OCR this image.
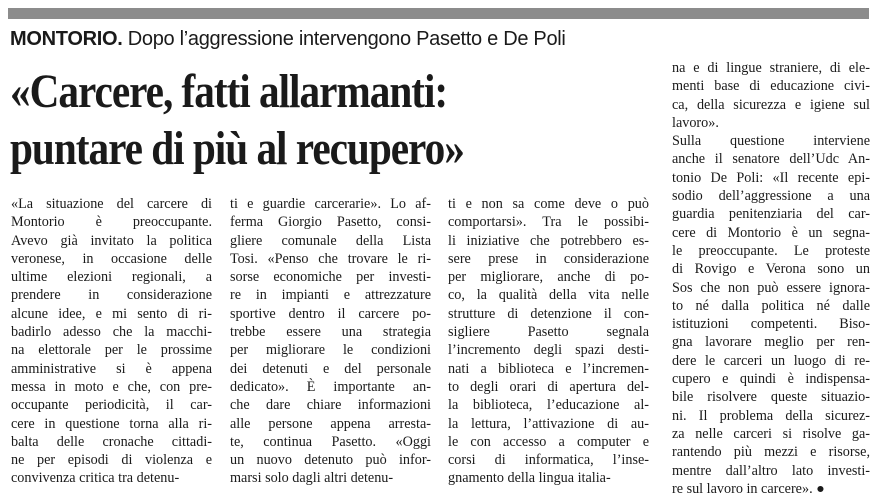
MONTORIO. Dopo l’aggressione intervengono Pasetto e De Poli
«Carcere, fatti allarmanti:
puntare di più al recupero»
«La situazione del carcere di
Montorio è preoccupante.
Avevo già invitato la politica
veronese, in occasione delle
ultime elezioni regionali, a
prendere in considerazione
alcune idee, e mi sento di ri-
badirlo adesso che la macchi-
na elettorale per le prossime
amministrative si è appena
messa in moto e che, con pre-
occupante periodicità, il car-
cere in questione torna alla ri-
balta delle cronache cittadi-
ne per episodi di violenza e
convivenza critica tra detenu-
ti e guardie carcerarie». Lo af-
ferma Giorgio Pasetto, consi-
gliere comunale della Lista
Tosi. «Penso che trovare le ri-
sorse economiche per investi-
re in impianti e attrezzature
sportive dentro il carcere po-
trebbe essere una strategia
per migliorare le condizioni
dei detenuti e del personale
dedicato». È importante an-
che dare chiare informazioni
alle persone appena arresta-
te, continua Pasetto. «Oggi
un nuovo detenuto può infor-
marsi solo dagli altri detenu-
ti e non sa come deve o può
comportarsi». Tra le possibi-
li iniziative che potrebbero es-
sere prese in considerazione
per migliorare, anche di po-
co, la qualità della vita nelle
strutture di detenzione il con-
sigliere Pasetto segnala
l’incremento degli spazi desti-
nati a biblioteca e l’incremen-
to degli orari di apertura del-
la biblioteca, l’educazione al-
la lettura, l’attivazione di au-
le con accesso a computer e
corsi di informatica, l’inse-
gnamento della lingua italia-
na e di lingue straniere, di ele-
menti base di educazione civi-
ca, della sicurezza e igiene sul
lavoro».
Sulla questione interviene
anche il senatore dell’Udc An-
tonio De Poli: «Il recente epi-
sodio dell’aggressione a una
guardia penitenziaria del car-
cere di Montorio è un segna-
le preoccupante. Le proteste
di Rovigo e Verona sono un
Sos che non può essere ignora-
to né dalla politica né dalle
istituzioni competenti. Biso-
gna lavorare meglio per ren-
dere le carceri un luogo di re-
cupero e quindi è indispensa-
bile risolvere queste situazio-
ni. Il problema della sicurez-
za nelle carceri si risolve ga-
rantendo più mezzi e risorse,
mentre dall’altro lato investi-
re sul lavoro in carcere». ●
